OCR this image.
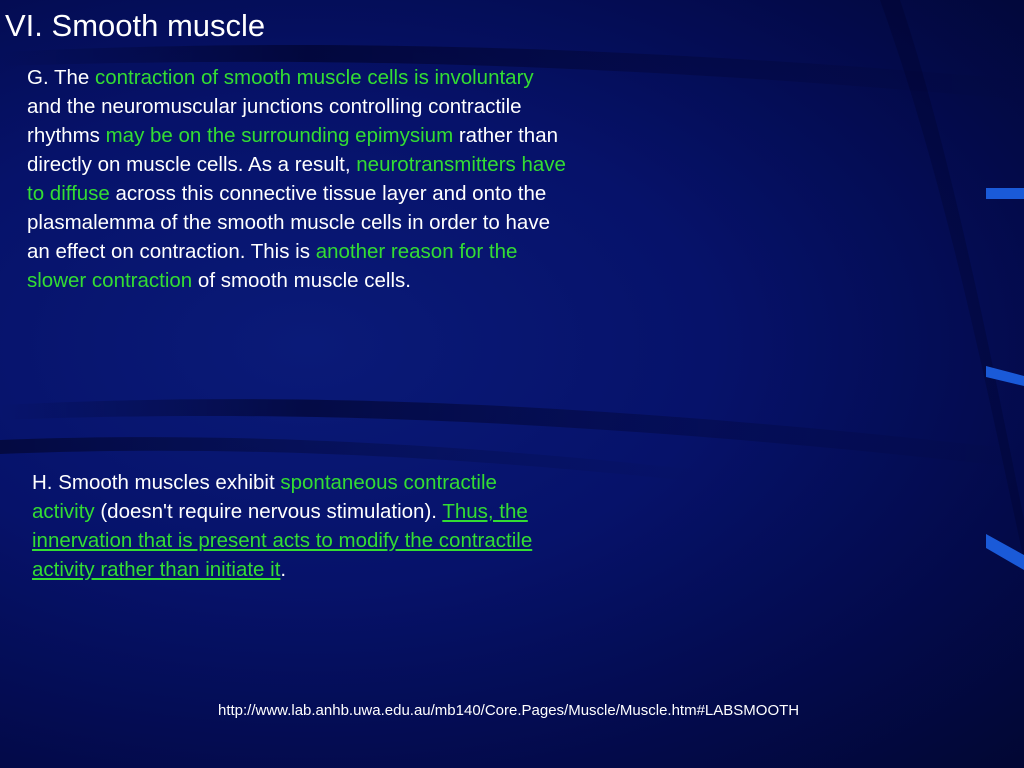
VI. Smooth muscle

G. The contraction of smooth muscle cells is involuntary and the neuromuscular junctions controlling contractile rhythms may be on the surrounding epimysium rather than directly on muscle cells. As a result, neurotransmitters have to diffuse across this connective tissue layer and onto the plasmalemma of the smooth muscle cells in order to have an effect on contraction. This is another reason for the slower contraction of smooth muscle cells.

H. Smooth muscles exhibit spontaneous contractile activity (doesn't require nervous stimulation). Thus, the innervation that is present acts to modify the contractile activity rather than initiate it.

http://www.lab.anhb.uwa.edu.au/mb140/Core.Pages/Muscle/Muscle.htm#LABSMOOTH
